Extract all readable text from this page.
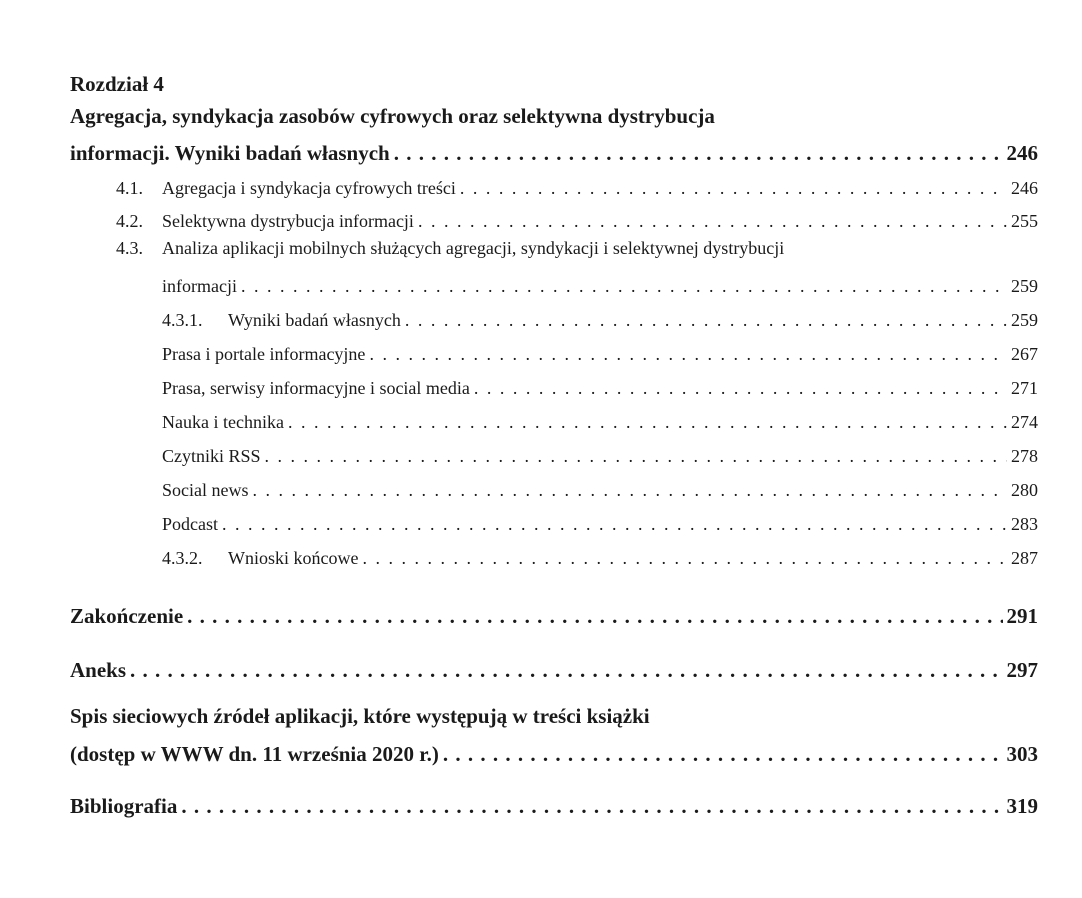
Rozdział 4
Agregacja, syndykacja zasobów cyfrowych oraz selektywna dystrybucja
informacji. Wyniki badań własnych . . .	246
4.1. Agregacja i syndykacja cyfrowych treści . . .	246
4.2. Selektywna dystrybucja informacji . . .	255
4.3. Analiza aplikacji mobilnych służących agregacji, syndykacji i selektywnej dystrybucji
informacji . . .	259
4.3.1. Wyniki badań własnych . . .	259
Prasa i portale informacyjne . . .	267
Prasa, serwisy informacyjne i social media . . .	271
Nauka i technika . . .	274
Czytniki RSS . . .	278
Social news . . .	280
Podcast . . .	283
4.3.2. Wnioski końcowe . . .	287
Zakończenie . . .	291
Aneks . . .	297
Spis sieciowych źródeł aplikacji, które występują w treści książki
(dostęp w WWW dn. 11 września 2020 r.) . . .	303
Bibliografia . . .	319
